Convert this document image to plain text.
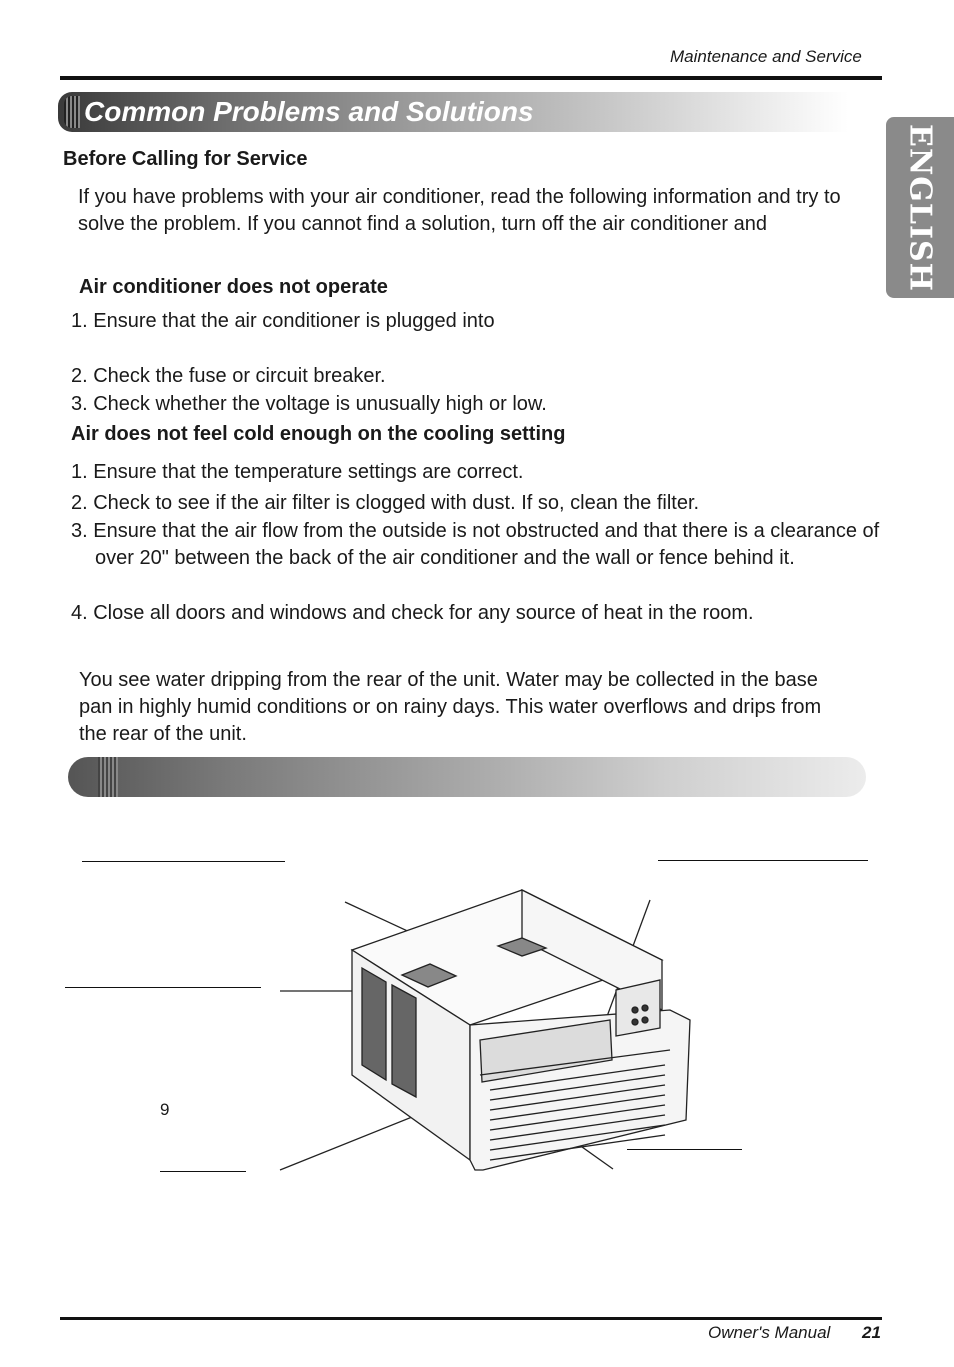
Maintenance and Service
Common Problems and Solutions
ENGLISH
Before Calling for Service
If you have problems with your air conditioner, read the following information and try to solve the problem. If you cannot find a solution, turn off the air conditioner and
Air conditioner does not operate
1. Ensure that the air conditioner is plugged into
2. Check the fuse or circuit breaker.
3. Check whether the voltage is unusually high or low.
Air does not feel cold enough on the cooling setting
1. Ensure that the temperature settings are correct.
2. Check to see if the air filter is clogged with dust. If so, clean the filter.
3. Ensure that the air flow from the outside is not obstructed and that there is a clearance of over 20" between the back of the air conditioner and the wall or fence behind it.
4. Close all doors and windows and check for any source of heat in the room.
You see water dripping from the rear of the unit. Water may be collected in the base pan in highly humid conditions or on rainy days. This water overflows and drips from the rear of the unit.
9
Owner's Manual 21
